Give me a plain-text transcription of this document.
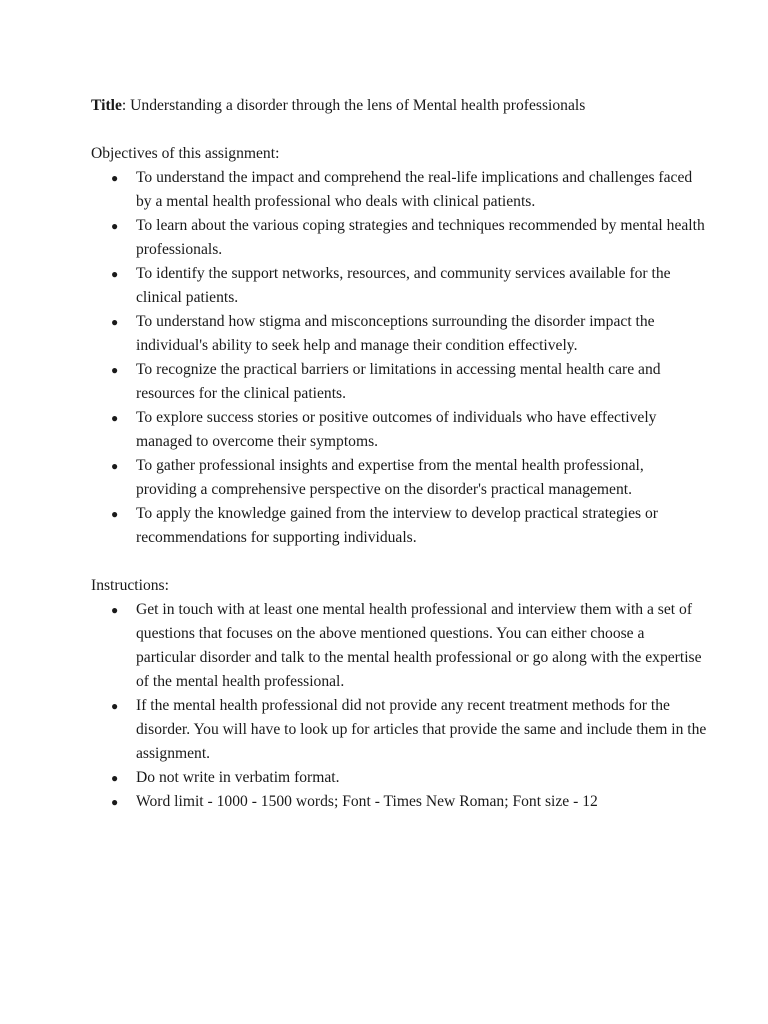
Title: Understanding a disorder through the lens of Mental health professionals

Objectives of this assignment:

● To understand the impact and comprehend the real-life implications and challenges faced by a mental health professional who deals with clinical patients.
● To learn about the various coping strategies and techniques recommended by mental health professionals.
● To identify the support networks, resources, and community services available for the clinical patients.
● To understand how stigma and misconceptions surrounding the disorder impact the individual's ability to seek help and manage their condition effectively.
● To recognize the practical barriers or limitations in accessing mental health care and resources for the clinical patients.
● To explore success stories or positive outcomes of individuals who have effectively managed to overcome their symptoms.
● To gather professional insights and expertise from the mental health professional, providing a comprehensive perspective on the disorder's practical management.
● To apply the knowledge gained from the interview to develop practical strategies or recommendations for supporting individuals.

Instructions:

● Get in touch with at least one mental health professional and interview them with a set of questions that focuses on the above mentioned questions. You can either choose a particular disorder and talk to the mental health professional or go along with the expertise of the mental health professional.
● If the mental health professional did not provide any recent treatment methods for the disorder. You will have to look up for articles that provide the same and include them in the assignment.
● Do not write in verbatim format.
● Word limit - 1000 - 1500 words; Font - Times New Roman; Font size - 12
